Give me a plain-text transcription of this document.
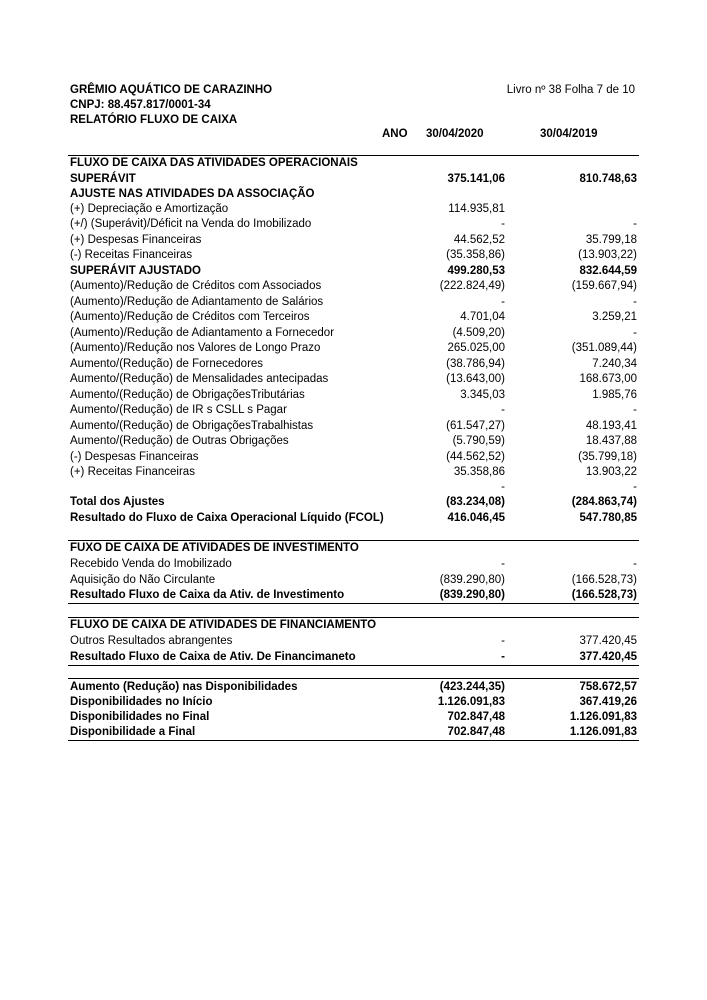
GRÊMIO AQUÁTICO DE CARAZINHO
CNPJ: 88.457.817/0001-34
RELATÓRIO FLUXO DE CAIXA
Livro nº 38 Folha 7 de 10
ANO 30/04/2020	30/04/2019
FLUXO DE CAIXA DAS ATIVIDADES OPERACIONAIS
SUPERÁVIT	375.141,06	810.748,63
AJUSTE NAS ATIVIDADES DA ASSOCIAÇÃO
(+) Depreciação e Amortização	114.935,81
(+/) (Superávit)/Déficit na Venda do Imobilizado	-	-
(+) Despesas Financeiras	44.562,52	35.799,18
(-) Receitas Financeiras	(35.358,86)	(13.903,22)
SUPERÁVIT AJUSTADO	499.280,53	832.644,59
(Aumento)/Redução de Créditos com Associados	(222.824,49)	(159.667,94)
(Aumento)/Redução de Adiantamento de Salários	-	-
(Aumento)/Redução de Créditos com Terceiros	4.701,04	3.259,21
(Aumento)/Redução de Adiantamento a Fornecedor	(4.509,20)	-
(Aumento)/Redução nos Valores de Longo Prazo	265.025,00	(351.089,44)
Aumento/(Redução) de Fornecedores	(38.786,94)	7.240,34
Aumento/(Redução) de Mensalidades antecipadas	(13.643,00)	168.673,00
Aumento/(Redução) de ObrigaçõesTributárias	3.345,03	1.985,76
Aumento/(Redução) de IR s CSLL s Pagar	-	-
Aumento/(Redução) de ObrigaçõesTrabalhistas	(61.547,27)	48.193,41
Aumento/(Redução) de Outras Obrigações	(5.790,59)	18.437,88
(-) Despesas Financeiras	(44.562,52)	(35.799,18)
(+) Receitas Financeiras	35.358,86	13.903,22
-	-
Total dos Ajustes	(83.234,08)	(284.863,74)
Resultado do Fluxo de Caixa Operacional Líquido (FCOL)	416.046,45	547.780,85
FUXO DE CAIXA DE ATIVIDADES DE INVESTIMENTO
Recebido Venda do Imobilizado	-	-
Aquisição do Não Circulante	(839.290,80)	(166.528,73)
Resultado Fluxo de Caixa da Ativ. de Investimento	(839.290,80)	(166.528,73)
FLUXO DE CAIXA DE ATIVIDADES DE FINANCIAMENTO
Outros Resultados abrangentes	-	377.420,45
Resultado Fluxo de Caixa de Ativ. De Financimaneto	-	377.420,45
Aumento (Redução) nas Disponibilidades	(423.244,35)	758.672,57
Disponibilidades no Início	1.126.091,83	367.419,26
Disponibilidades no Final	702.847,48	1.126.091,83
Disponibilidade a Final	702.847,48	1.126.091,83
